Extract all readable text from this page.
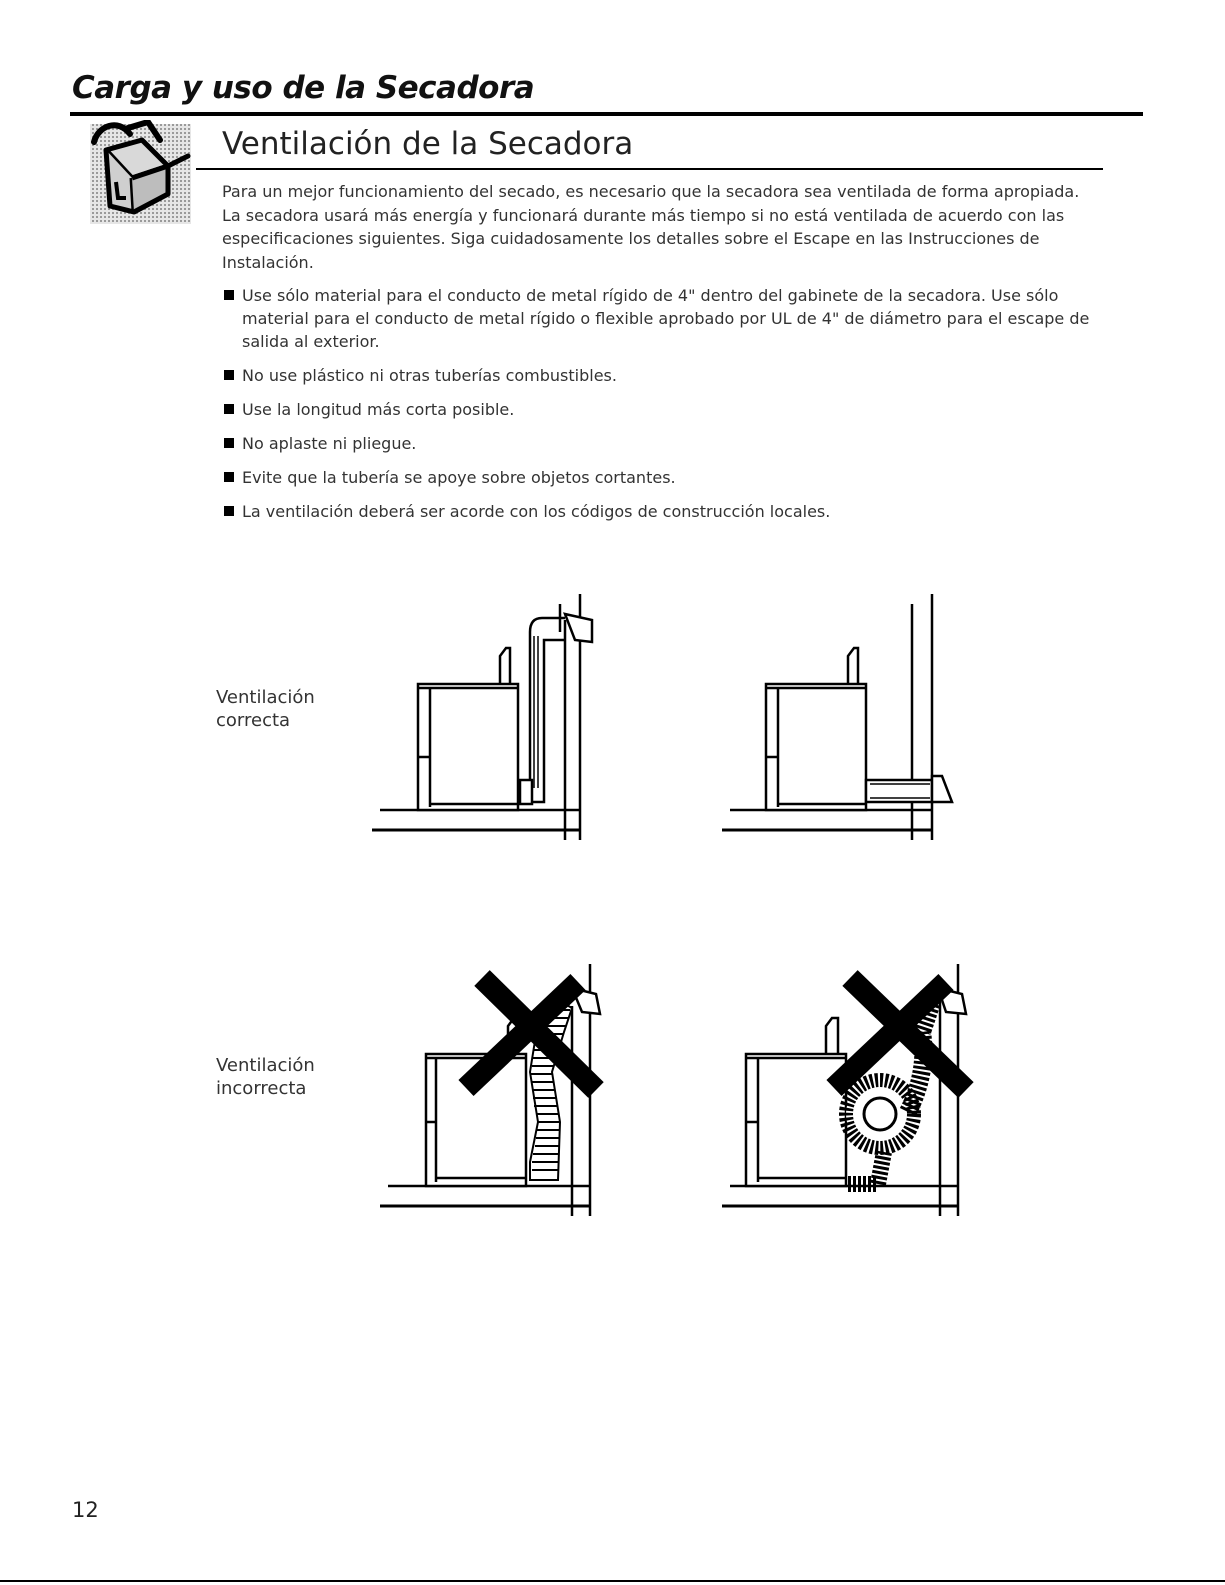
Carga y uso de la Secadora
Ventilación de la Secadora

Para un mejor funcionamiento del secado, es necesario que la secadora sea ventilada de forma apropiada. La secadora usará más energía y funcionará durante más tiempo si no está ventilada de acuerdo con las especificaciones siguientes. Siga cuidadosamente los detalles sobre el Escape en las Instrucciones de Instalación.

Use sólo material para el conducto de metal rígido de 4" dentro del gabinete de la secadora. Use sólo material para el conducto de metal rígido o flexible aprobado por UL de 4" de diámetro para el escape de salida al exterior.
No use plástico ni otras tuberías combustibles.
Use la longitud más corta posible.
No aplaste ni pliegue.
Evite que la tubería se apoye sobre objetos cortantes.
La ventilación deberá ser acorde con los códigos de construcción locales.
Ventilación
correcta
Ventilación
incorrecta
12
